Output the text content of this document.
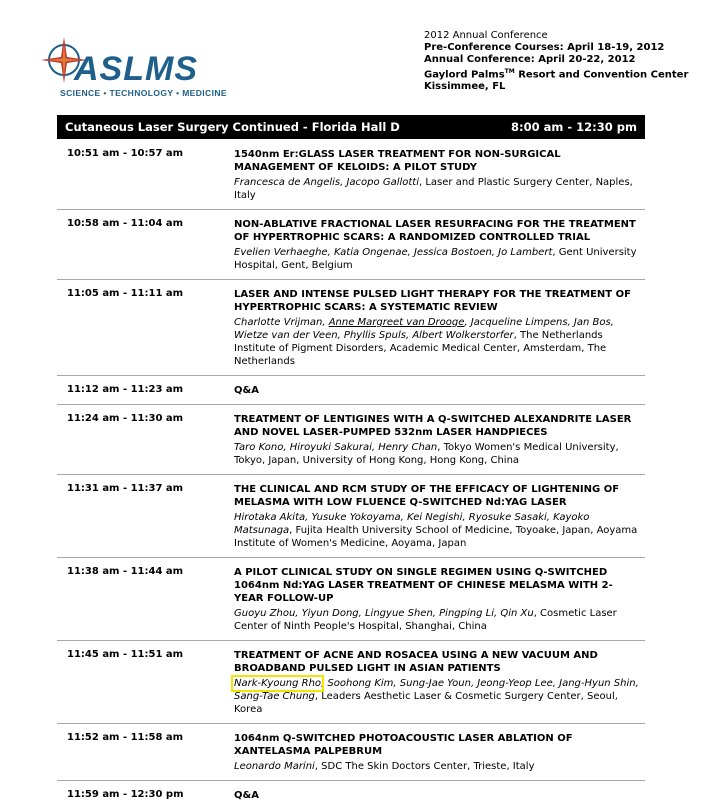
ASLMS
SCIENCE • TECHNOLOGY • MEDICINE
2012 Annual Conference
Pre-Conference Courses: April 18-19, 2012
Annual Conference: April 20-22, 2012
Gaylord Palms™ Resort and Convention Center
Kissimmee, FL
Cutaneous Laser Surgery Continued - Florida Hall D	8:00 am - 12:30 pm
10:51 am - 10:57 am	1540nm Er:GLASS LASER TREATMENT FOR NON-SURGICAL MANAGEMENT OF KELOIDS: A PILOT STUDY
Francesca de Angelis, Jacopo Gallotti, Laser and Plastic Surgery Center, Naples, Italy
10:58 am - 11:04 am	NON-ABLATIVE FRACTIONAL LASER RESURFACING FOR THE TREATMENT OF HYPERTROPHIC SCARS: A RANDOMIZED CONTROLLED TRIAL
Evelien Verhaeghe, Katia Ongenae, Jessica Bostoen, Jo Lambert, Gent University Hospital, Gent, Belgium
11:05 am - 11:11 am	LASER AND INTENSE PULSED LIGHT THERAPY FOR THE TREATMENT OF HYPERTROPHIC SCARS: A SYSTEMATIC REVIEW
Charlotte Vrijman, Anne Margreet van Drooge, Jacqueline Limpens, Jan Bos, Wietze van der Veen, Phyllis Spuls, Albert Wolkerstorfer, The Netherlands Institute of Pigment Disorders, Academic Medical Center, Amsterdam, The Netherlands
11:12 am - 11:23 am	Q&A
11:24 am - 11:30 am	TREATMENT OF LENTIGINES WITH A Q-SWITCHED ALEXANDRITE LASER AND NOVEL LASER-PUMPED 532nm LASER HANDPIECES
Taro Kono, Hiroyuki Sakurai, Henry Chan, Tokyo Women's Medical University, Tokyo, Japan, University of Hong Kong, Hong Kong, China
11:31 am - 11:37 am	THE CLINICAL AND RCM STUDY OF THE EFFICACY OF LIGHTENING OF MELASMA WITH LOW FLUENCE Q-SWITCHED Nd:YAG LASER
Hirotaka Akita, Yusuke Yokoyama, Kei Negishi, Ryosuke Sasaki, Kayoko Matsunaga, Fujita Health University School of Medicine, Toyoake, Japan, Aoyama Institute of Women's Medicine, Aoyama, Japan
11:38 am - 11:44 am	A PILOT CLINICAL STUDY ON SINGLE REGIMEN USING Q-SWITCHED 1064nm Nd:YAG LASER TREATMENT OF CHINESE MELASMA WITH 2-YEAR FOLLOW-UP
Guoyu Zhou, Yiyun Dong, Lingyue Shen, Pingping Li, Qin Xu, Cosmetic Laser Center of Ninth People's Hospital, Shanghai, China
11:45 am - 11:51 am	TREATMENT OF ACNE AND ROSACEA USING A NEW VACUUM AND BROADBAND PULSED LIGHT IN ASIAN PATIENTS
Nark-Kyoung Rho, Soohong Kim, Sung-Jae Youn, Jeong-Yeop Lee, Jang-Hyun Shin, Sang-Tae Chung, Leaders Aesthetic Laser & Cosmetic Surgery Center, Seoul, Korea
11:52 am - 11:58 am	1064nm Q-SWITCHED PHOTOACOUSTIC LASER ABLATION OF XANTELASMA PALPEBRUM
Leonardo Marini, SDC The Skin Doctors Center, Trieste, Italy
11:59 am - 12:30 pm	Q&A
